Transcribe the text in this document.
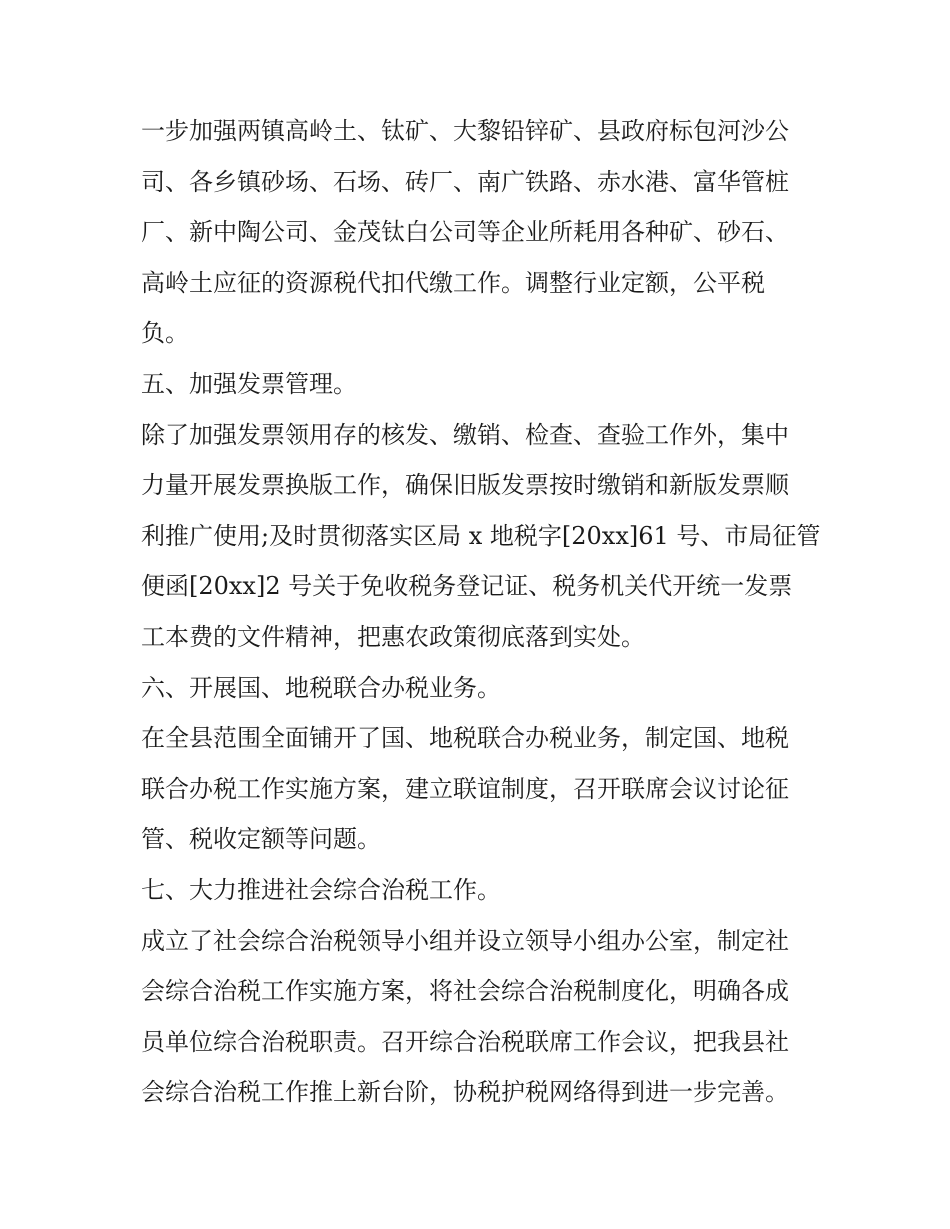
一步加强两镇高岭土、钛矿、大黎铅锌矿、县政府标包河沙公
司、各乡镇砂场、石场、砖厂、南广铁路、赤水港、富华管桩
厂、新中陶公司、金茂钛白公司等企业所耗用各种矿、砂石、
高岭土应征的资源税代扣代缴工作。调整行业定额，公平税
负。

五、加强发票管理。

除了加强发票领用存的核发、缴销、检查、查验工作外，集中
力量开展发票换版工作，确保旧版发票按时缴销和新版发票顺
利推广使用;及时贯彻落实区局 x 地税字[20xx]61 号、市局征管
便函[20xx]2 号关于免收税务登记证、税务机关代开统一发票
工本费的文件精神，把惠农政策彻底落到实处。

六、开展国、地税联合办税业务。

在全县范围全面铺开了国、地税联合办税业务，制定国、地税
联合办税工作实施方案，建立联谊制度，召开联席会议讨论征
管、税收定额等问题。

七、大力推进社会综合治税工作。

成立了社会综合治税领导小组并设立领导小组办公室，制定社
会综合治税工作实施方案，将社会综合治税制度化，明确各成
员单位综合治税职责。召开综合治税联席工作会议，把我县社
会综合治税工作推上新台阶，协税护税网络得到进一步完善。
